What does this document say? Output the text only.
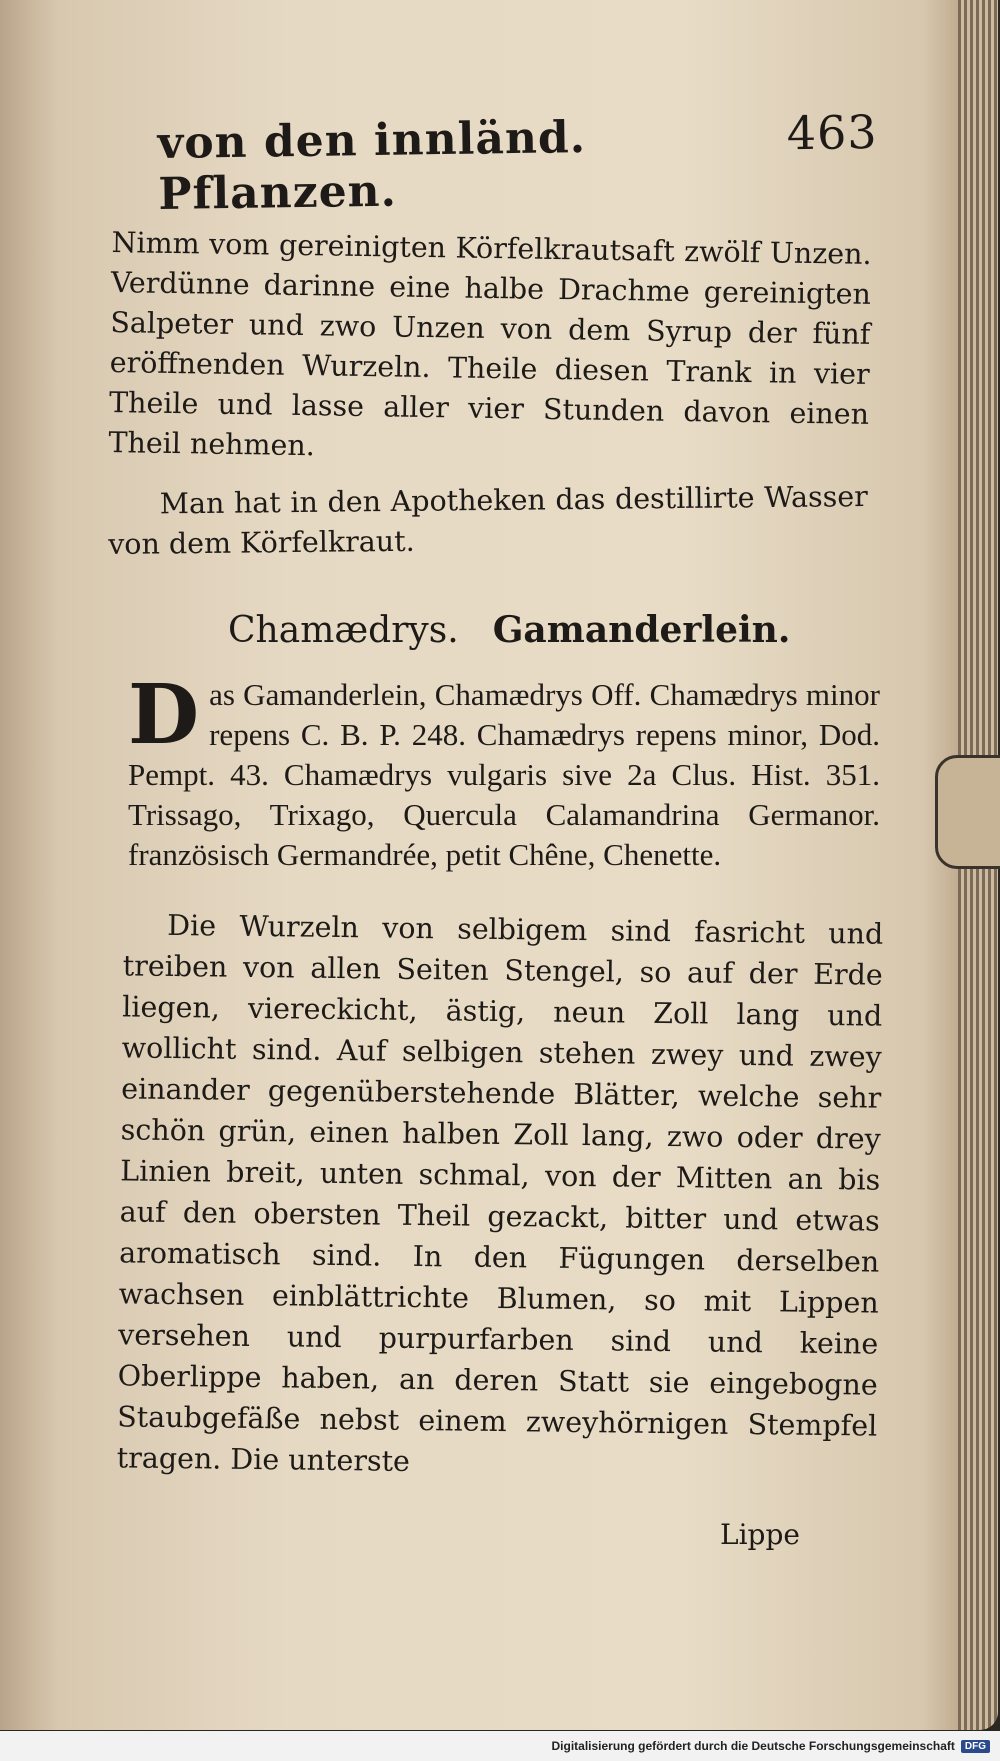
von den innländ. Pflanzen.
463

Nimm vom gereinigten Körfelkrautsaft zwölf Unzen. Verdünne darinne eine halbe Drachme gereinigten Salpeter und zwo Unzen von dem Syrup der fünf eröffnenden Wurzeln. Theile diesen Trank in vier Theile und lasse aller vier Stunden davon einen Theil nehmen.

Man hat in den Apotheken das destillirte Wasser von dem Körfelkraut.

Chamædrys. Gamanderlein.

D as Gamanderlein, Chamædrys Off. Chamædrys minor repens C. B. P. 248. Chamædrys repens minor, Dod. Pempt. 43. Chamædrys vulgaris sive 2a Clus. Hist. 351. Trissago, Trixago, Quercula Calamandrina Germanor. französisch Germandrée, petit Chêne, Chenette.

Die Wurzeln von selbigem sind fasricht und treiben von allen Seiten Stengel, so auf der Erde liegen, viereckicht, ästig, neun Zoll lang und wollicht sind. Auf selbigen stehen zwey und zwey einander gegenüberstehende Blätter, welche sehr schön grün, einen halben Zoll lang, zwo oder drey Linien breit, unten schmal, von der Mitten an bis auf den obersten Theil gezackt, bitter und etwas aromatisch sind. In den Fügungen derselben wachsen einblättrichte Blumen, so mit Lippen versehen und purpurfarben sind und keine Oberlippe haben, an deren Statt sie eingebogne Staubgefäße nebst einem zweyhörnigen Stempfel tragen. Die unterste

Lippe
Digitalisierung gefördert durch die Deutsche Forschungsgemeinschaft	DFG
